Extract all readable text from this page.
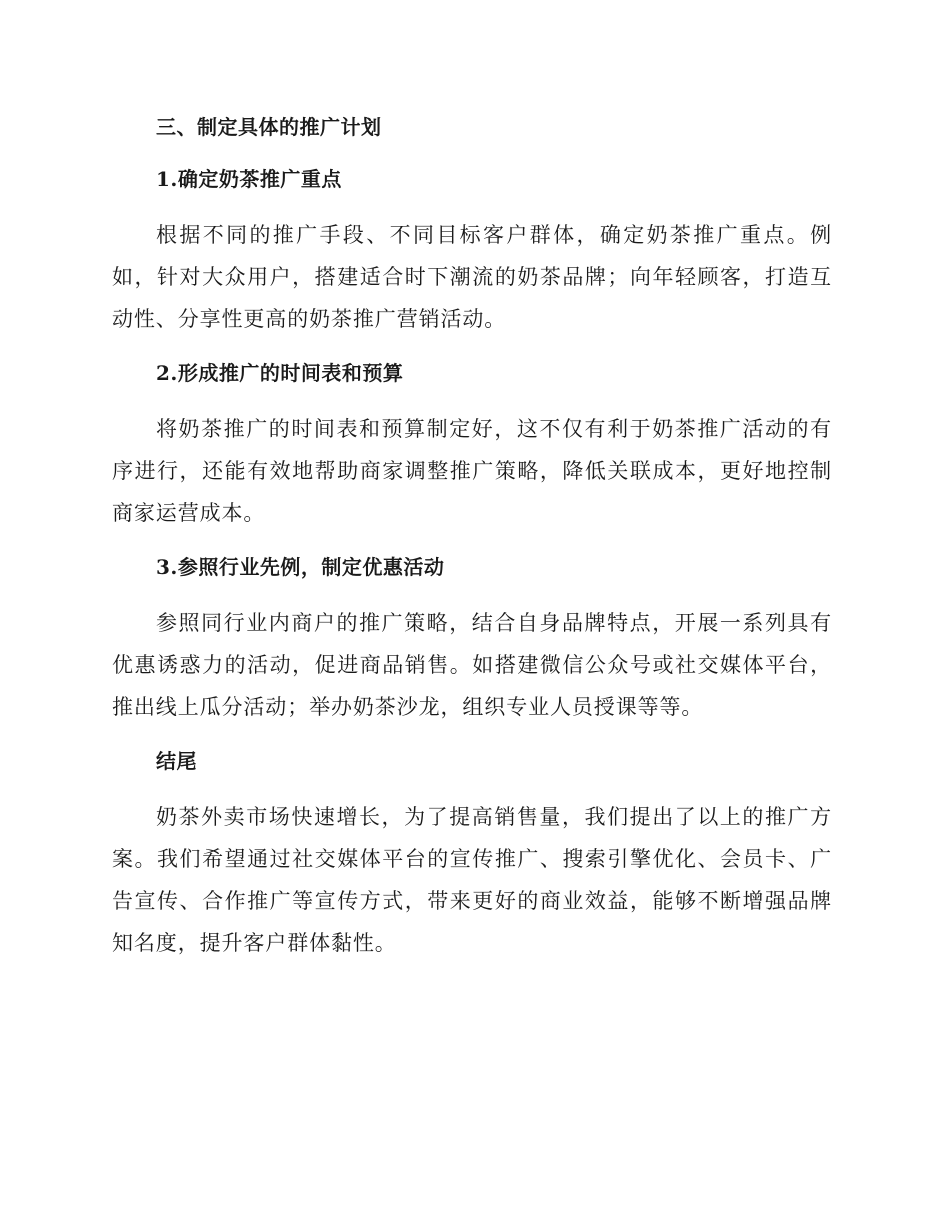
三、制定具体的推广计划
1.确定奶茶推广重点

根据不同的推广手段、不同目标客户群体，确定奶茶推广重点。例如，针对大众用户，搭建适合时下潮流的奶茶品牌；向年轻顾客，打造互动性、分享性更高的奶茶推广营销活动。

2.形成推广的时间表和预算

将奶茶推广的时间表和预算制定好，这不仅有利于奶茶推广活动的有序进行，还能有效地帮助商家调整推广策略，降低关联成本，更好地控制商家运营成本。

3.参照行业先例，制定优惠活动

参照同行业内商户的推广策略，结合自身品牌特点，开展一系列具有优惠诱惑力的活动，促进商品销售。如搭建微信公众号或社交媒体平台，推出线上瓜分活动；举办奶茶沙龙，组织专业人员授课等等。

结尾

奶茶外卖市场快速增长，为了提高销售量，我们提出了以上的推广方案。我们希望通过社交媒体平台的宣传推广、搜索引擎优化、会员卡、广告宣传、合作推广等宣传方式，带来更好的商业效益，能够不断增强品牌知名度，提升客户群体黏性。
